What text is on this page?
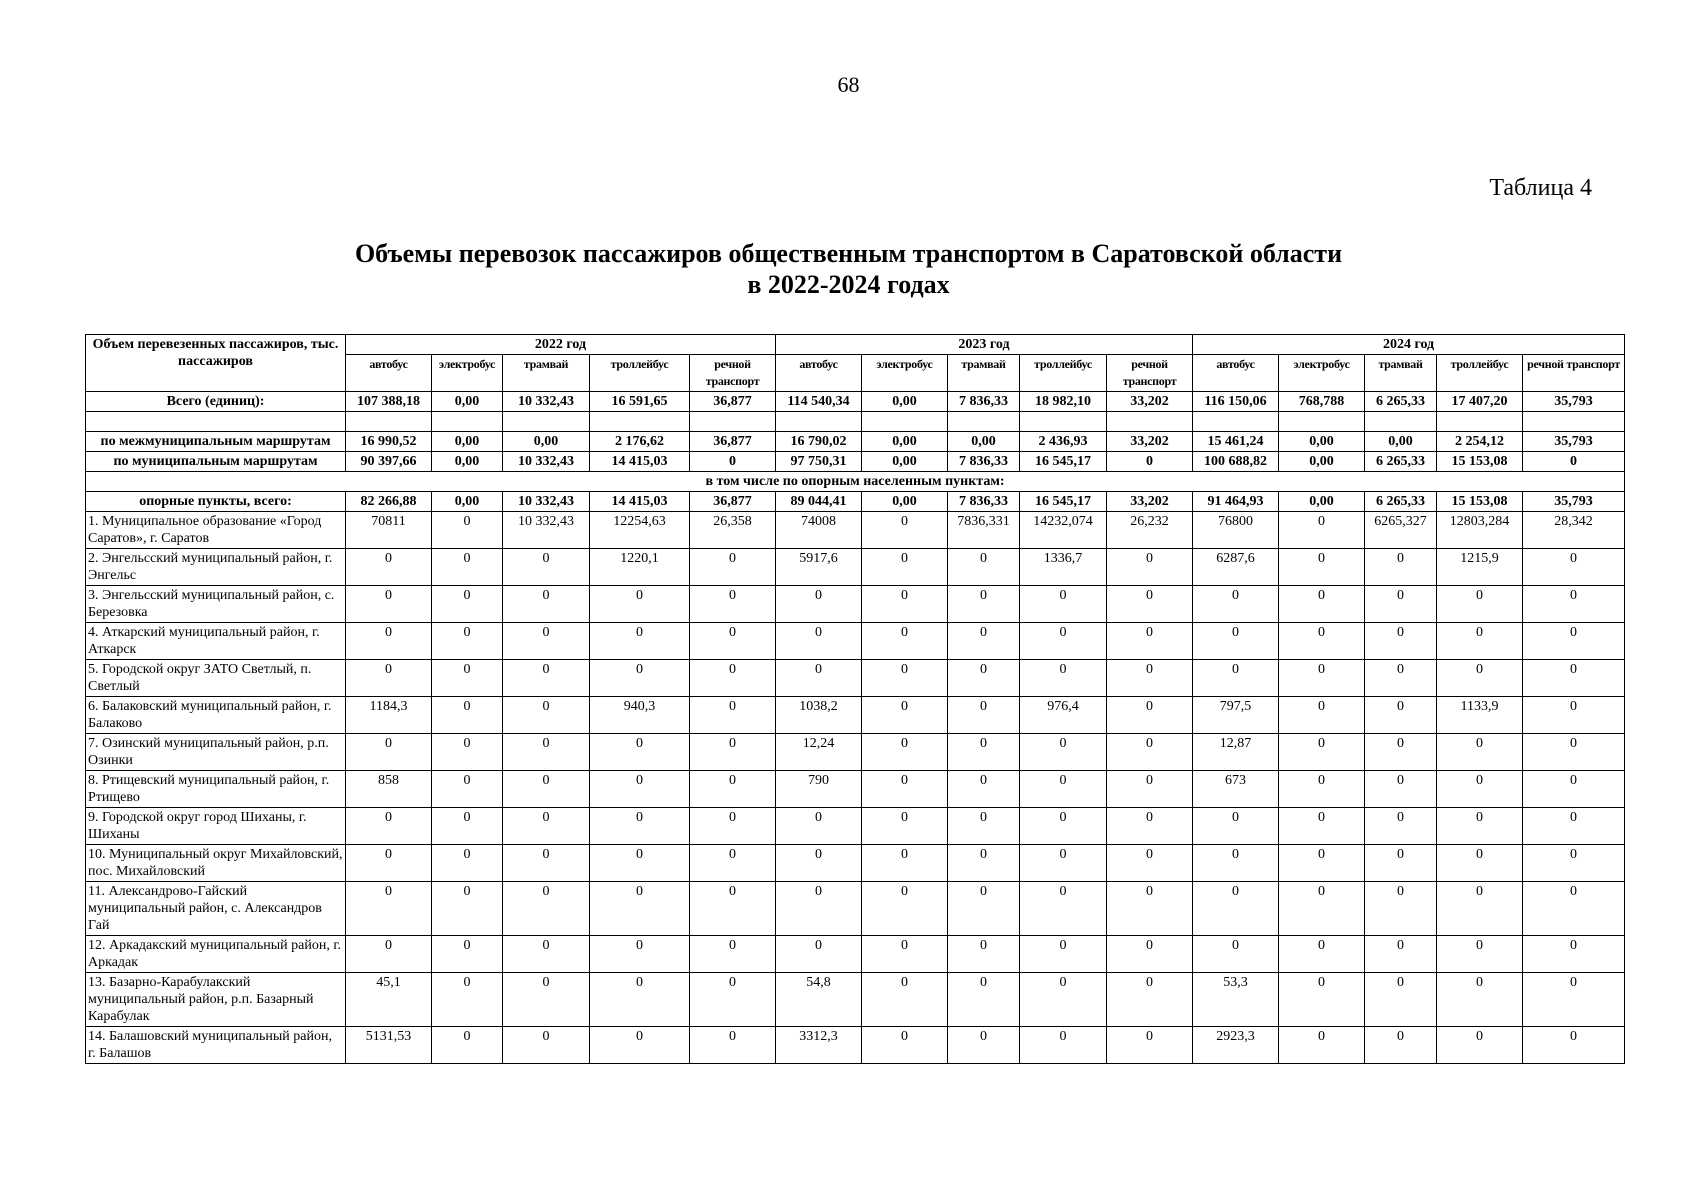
68
Таблица 4
Объемы перевозок пассажиров общественным транспортом в Саратовской области
в 2022-2024 годах
Объем перевезенных пассажиров, тыс. пассажиров	2022 год					2023 год					2024 год				
	автобус	электробус	трамвай	троллейбус	речной транспорт	автобус	электробус	трамвай	троллейбус	речной транспорт	автобус	электробус	трамвай	троллейбус	речной транспорт
Всего (единиц):	107 388,18	0,00	10 332,43	16 591,65	36,877	114 540,34	0,00	7 836,33	18 982,10	33,202	116 150,06	768,788	6 265,33	17 407,20	35,793

по межмуниципальным маршрутам	16 990,52	0,00	0,00	2 176,62	36,877	16 790,02	0,00	0,00	2 436,93	33,202	15 461,24	0,00	0,00	2 254,12	35,793
по муниципальным маршрутам	90 397,66	0,00	10 332,43	14 415,03	0	97 750,31	0,00	7 836,33	16 545,17	0	100 688,82	0,00	6 265,33	15 153,08	0
в том числе по опорным населенным пунктам:															
опорные пункты, всего:	82 266,88	0,00	10 332,43	14 415,03	36,877	89 044,41	0,00	7 836,33	16 545,17	33,202	91 464,93	0,00	6 265,33	15 153,08	35,793
1. Муниципальное образование «Город Саратов», г. Саратов	70811	0	10 332,43	12254,63	26,358	74008	0	7836,331	14232,074	26,232	76800	0	6265,327	12803,284	28,342
2. Энгельсский муниципальный район, г. Энгельс	0	0	0	1220,1	0	5917,6	0	0	1336,7	0	6287,6	0	0	1215,9	0
3. Энгельсский муниципальный район, с. Березовка	0	0	0	0	0	0	0	0	0	0	0	0	0	0	0
4. Аткарский муниципальный район, г. Аткарск	0	0	0	0	0	0	0	0	0	0	0	0	0	0	0
5. Городской округ ЗАТО Светлый, п. Светлый	0	0	0	0	0	0	0	0	0	0	0	0	0	0	0
6. Балаковский муниципальный район, г. Балаково	1184,3	0	0	940,3	0	1038,2	0	0	976,4	0	797,5	0	0	1133,9	0
7. Озинский муниципальный район, р.п. Озинки	0	0	0	0	0	12,24	0	0	0	0	12,87	0	0	0	0
8. Ртищевский муниципальный район, г. Ртищево	858	0	0	0	0	790	0	0	0	0	673	0	0	0	0
9. Городской округ город Шиханы, г. Шиханы	0	0	0	0	0	0	0	0	0	0	0	0	0	0	0
10. Муниципальный округ Михайловский, пос. Михайловский	0	0	0	0	0	0	0	0	0	0	0	0	0	0	0
11. Александрово-Гайский муниципальный район, с. Александров Гай	0	0	0	0	0	0	0	0	0	0	0	0	0	0	0
12. Аркадакский муниципальный район, г. Аркадак	0	0	0	0	0	0	0	0	0	0	0	0	0	0	0
13. Базарно-Карабулакский муниципальный район, р.п. Базарный Карабулак	45,1	0	0	0	0	54,8	0	0	0	0	53,3	0	0	0	0
14. Балашовский муниципальный район, г. Балашов	5131,53	0	0	0	0	3312,3	0	0	0	0	2923,3	0	0	0	0
